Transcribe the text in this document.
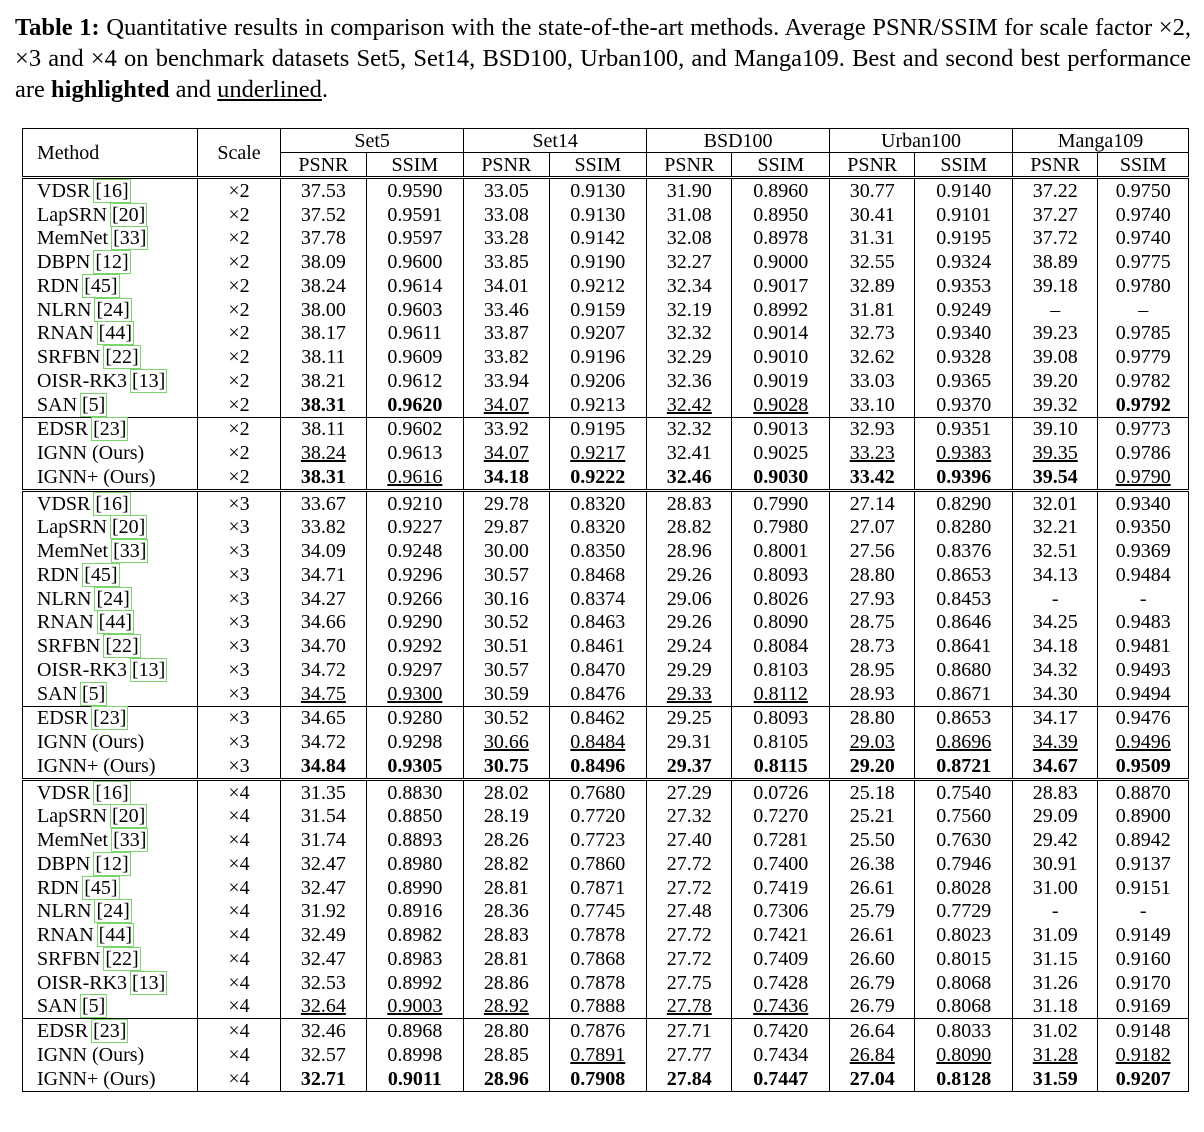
Table 1: Quantitative results in comparison with the state-of-the-art methods. Average PSNR/SSIM for scale factor ×2, ×3 and ×4 on benchmark datasets Set5, Set14, BSD100, Urban100, and Manga109. Best and second best performance are highlighted and underlined.
Method	Scale	Set5		Set14		BSD100		Urban100		Manga109	
		PSNR	SSIM	PSNR	SSIM	PSNR	SSIM	PSNR	SSIM	PSNR	SSIM
VDSR [16]	×2	37.53	0.9590	33.05	0.9130	31.90	0.8960	30.77	0.9140	37.22	0.9750
LapSRN [20]	×2	37.52	0.9591	33.08	0.9130	31.08	0.8950	30.41	0.9101	37.27	0.9740
MemNet [33]	×2	37.78	0.9597	33.28	0.9142	32.08	0.8978	31.31	0.9195	37.72	0.9740
DBPN [12]	×2	38.09	0.9600	33.85	0.9190	32.27	0.9000	32.55	0.9324	38.89	0.9775
RDN [45]	×2	38.24	0.9614	34.01	0.9212	32.34	0.9017	32.89	0.9353	39.18	0.9780
NLRN [24]	×2	38.00	0.9603	33.46	0.9159	32.19	0.8992	31.81	0.9249	–	–
RNAN [44]	×2	38.17	0.9611	33.87	0.9207	32.32	0.9014	32.73	0.9340	39.23	0.9785
SRFBN [22]	×2	38.11	0.9609	33.82	0.9196	32.29	0.9010	32.62	0.9328	39.08	0.9779
OISR-RK3 [13]	×2	38.21	0.9612	33.94	0.9206	32.36	0.9019	33.03	0.9365	39.20	0.9782
SAN [5]	×2	38.31	0.9620	34.07	0.9213	32.42	0.9028	33.10	0.9370	39.32	0.9792
EDSR [23]	×2	38.11	0.9602	33.92	0.9195	32.32	0.9013	32.93	0.9351	39.10	0.9773
IGNN (Ours)	×2	38.24	0.9613	34.07	0.9217	32.41	0.9025	33.23	0.9383	39.35	0.9786
IGNN+ (Ours)	×2	38.31	0.9616	34.18	0.9222	32.46	0.9030	33.42	0.9396	39.54	0.9790
VDSR [16]	×3	33.67	0.9210	29.78	0.8320	28.83	0.7990	27.14	0.8290	32.01	0.9340
LapSRN [20]	×3	33.82	0.9227	29.87	0.8320	28.82	0.7980	27.07	0.8280	32.21	0.9350
MemNet [33]	×3	34.09	0.9248	30.00	0.8350	28.96	0.8001	27.56	0.8376	32.51	0.9369
RDN [45]	×3	34.71	0.9296	30.57	0.8468	29.26	0.8093	28.80	0.8653	34.13	0.9484
NLRN [24]	×3	34.27	0.9266	30.16	0.8374	29.06	0.8026	27.93	0.8453	-	-
RNAN [44]	×3	34.66	0.9290	30.52	0.8463	29.26	0.8090	28.75	0.8646	34.25	0.9483
SRFBN [22]	×3	34.70	0.9292	30.51	0.8461	29.24	0.8084	28.73	0.8641	34.18	0.9481
OISR-RK3 [13]	×3	34.72	0.9297	30.57	0.8470	29.29	0.8103	28.95	0.8680	34.32	0.9493
SAN [5]	×3	34.75	0.9300	30.59	0.8476	29.33	0.8112	28.93	0.8671	34.30	0.9494
EDSR [23]	×3	34.65	0.9280	30.52	0.8462	29.25	0.8093	28.80	0.8653	34.17	0.9476
IGNN (Ours)	×3	34.72	0.9298	30.66	0.8484	29.31	0.8105	29.03	0.8696	34.39	0.9496
IGNN+ (Ours)	×3	34.84	0.9305	30.75	0.8496	29.37	0.8115	29.20	0.8721	34.67	0.9509
VDSR [16]	×4	31.35	0.8830	28.02	0.7680	27.29	0.0726	25.18	0.7540	28.83	0.8870
LapSRN [20]	×4	31.54	0.8850	28.19	0.7720	27.32	0.7270	25.21	0.7560	29.09	0.8900
MemNet [33]	×4	31.74	0.8893	28.26	0.7723	27.40	0.7281	25.50	0.7630	29.42	0.8942
DBPN [12]	×4	32.47	0.8980	28.82	0.7860	27.72	0.7400	26.38	0.7946	30.91	0.9137
RDN [45]	×4	32.47	0.8990	28.81	0.7871	27.72	0.7419	26.61	0.8028	31.00	0.9151
NLRN [24]	×4	31.92	0.8916	28.36	0.7745	27.48	0.7306	25.79	0.7729	-	-
RNAN [44]	×4	32.49	0.8982	28.83	0.7878	27.72	0.7421	26.61	0.8023	31.09	0.9149
SRFBN [22]	×4	32.47	0.8983	28.81	0.7868	27.72	0.7409	26.60	0.8015	31.15	0.9160
OISR-RK3 [13]	×4	32.53	0.8992	28.86	0.7878	27.75	0.7428	26.79	0.8068	31.26	0.9170
SAN [5]	×4	32.64	0.9003	28.92	0.7888	27.78	0.7436	26.79	0.8068	31.18	0.9169
EDSR [23]	×4	32.46	0.8968	28.80	0.7876	27.71	0.7420	26.64	0.8033	31.02	0.9148
IGNN (Ours)	×4	32.57	0.8998	28.85	0.7891	27.77	0.7434	26.84	0.8090	31.28	0.9182
IGNN+ (Ours)	×4	32.71	0.9011	28.96	0.7908	27.84	0.7447	27.04	0.8128	31.59	0.9207
